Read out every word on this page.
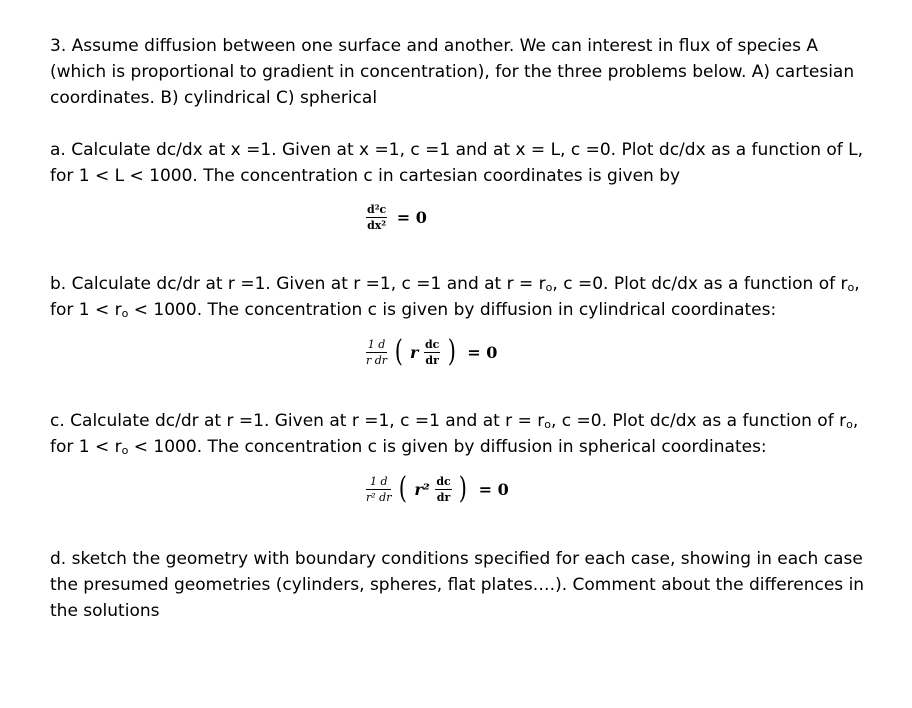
3. Assume diffusion between one surface and another. We can interest in flux of species A

(which is proportional to gradient in concentration), for the three problems below. A) cartesian

coordinates. B) cylindrical C) spherical

a. Calculate dc/dx at x =1. Given at x =1, c =1 and at x = L, c =0. Plot dc/dx as a function of L,

for 1 < L < 1000. The concentration c in cartesian coordinates is given by

$\frac{\text{d²c}}{\text{dx²}} = 0$

b. Calculate dc/dr at r =1. Given at r =1, c =1 and at $r = r_o$, c =0. Plot dc/dx as a function of $r_o$,

for $1 < r_o < 1000$. The concentration c is given by diffusion in cylindrical coordinates:

$\frac{1 d}{\text{r dr}}$ ( r $\frac{dc}{dr}$ ) = 0

c. Calculate dc/dr at r =1. Given at r =1, c =1 and at $r = r_o$, c =0. Plot dc/dx as a function of $r_o$,

for $1 < r_o < 1000$. The concentration c is given by diffusion in spherical coordinates:

$\frac{1 d}{\text{r² dr}}$ ( $r^2 \frac{dc}{dr}$ ) = 0

d. sketch the geometry with boundary conditions specified for each case, showing in each case

the presumed geometries (cylinders, spheres, flat plates….). Comment about the differences in

the solutions
